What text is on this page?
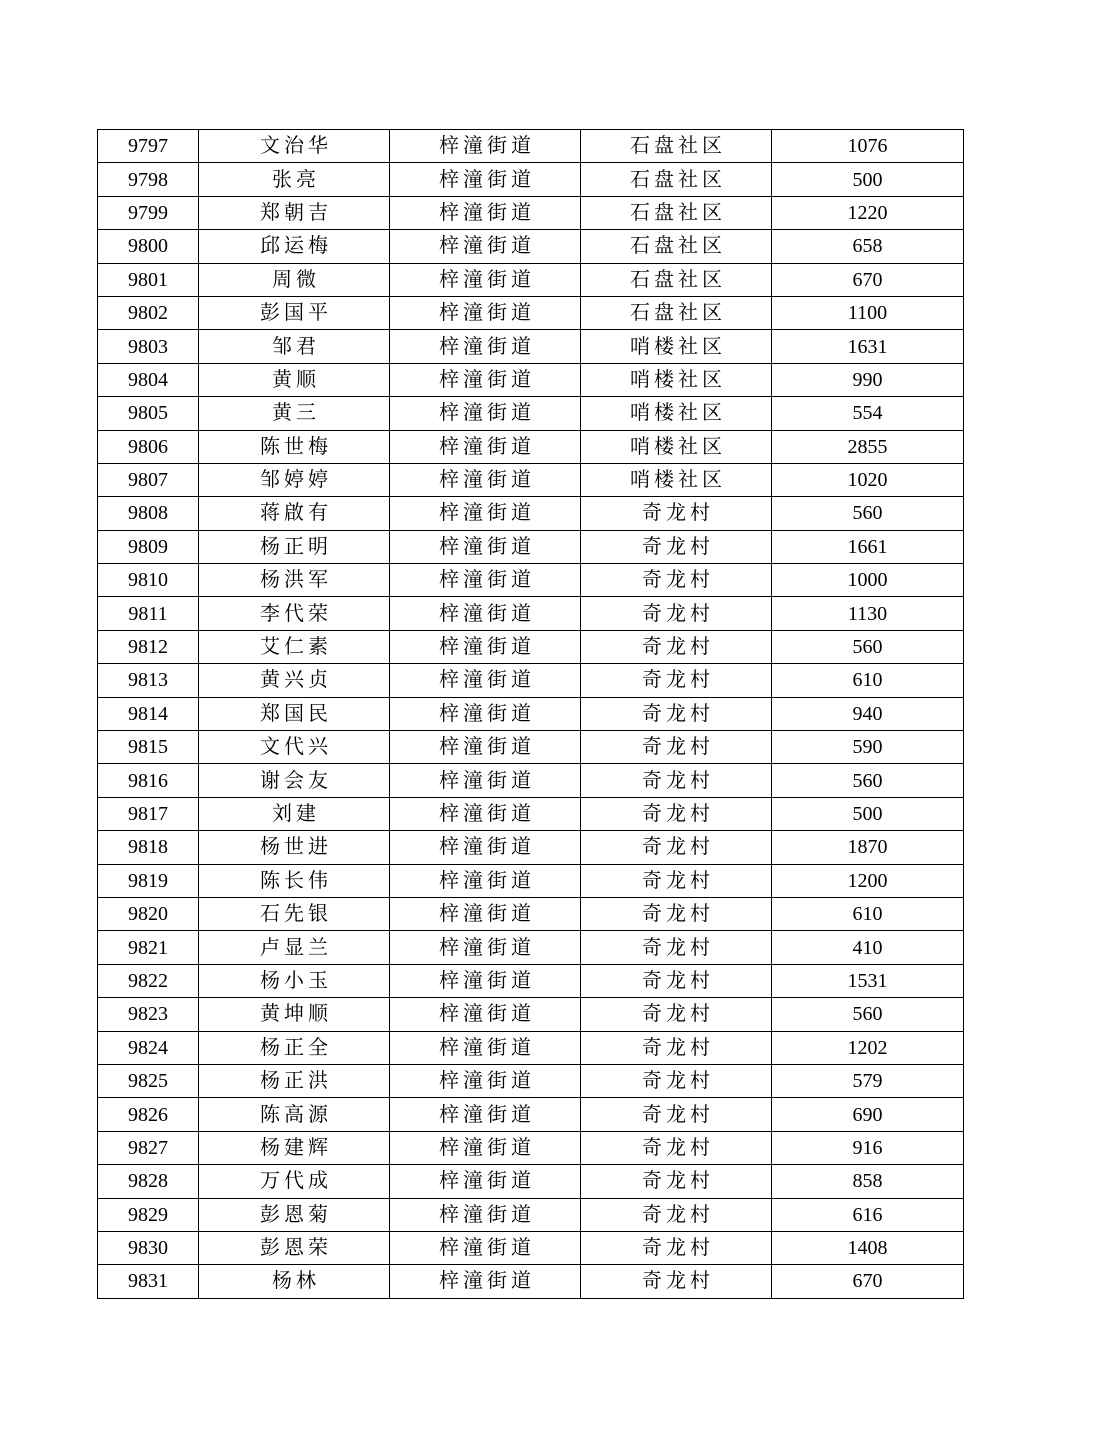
9797	文治华	梓潼街道	石盘社区	1076
9798	张亮	梓潼街道	石盘社区	500
9799	郑朝吉	梓潼街道	石盘社区	1220
9800	邱运梅	梓潼街道	石盘社区	658
9801	周微	梓潼街道	石盘社区	670
9802	彭国平	梓潼街道	石盘社区	1100
9803	邹君	梓潼街道	哨楼社区	1631
9804	黄顺	梓潼街道	哨楼社区	990
9805	黄三	梓潼街道	哨楼社区	554
9806	陈世梅	梓潼街道	哨楼社区	2855
9807	邹婷婷	梓潼街道	哨楼社区	1020
9808	蒋啟有	梓潼街道	奇龙村	560
9809	杨正明	梓潼街道	奇龙村	1661
9810	杨洪军	梓潼街道	奇龙村	1000
9811	李代荣	梓潼街道	奇龙村	1130
9812	艾仁素	梓潼街道	奇龙村	560
9813	黄兴贞	梓潼街道	奇龙村	610
9814	郑国民	梓潼街道	奇龙村	940
9815	文代兴	梓潼街道	奇龙村	590
9816	谢会友	梓潼街道	奇龙村	560
9817	刘建	梓潼街道	奇龙村	500
9818	杨世进	梓潼街道	奇龙村	1870
9819	陈长伟	梓潼街道	奇龙村	1200
9820	石先银	梓潼街道	奇龙村	610
9821	卢显兰	梓潼街道	奇龙村	410
9822	杨小玉	梓潼街道	奇龙村	1531
9823	黄坤顺	梓潼街道	奇龙村	560
9824	杨正全	梓潼街道	奇龙村	1202
9825	杨正洪	梓潼街道	奇龙村	579
9826	陈高源	梓潼街道	奇龙村	690
9827	杨建辉	梓潼街道	奇龙村	916
9828	万代成	梓潼街道	奇龙村	858
9829	彭恩菊	梓潼街道	奇龙村	616
9830	彭恩荣	梓潼街道	奇龙村	1408
9831	杨林	梓潼街道	奇龙村	670
